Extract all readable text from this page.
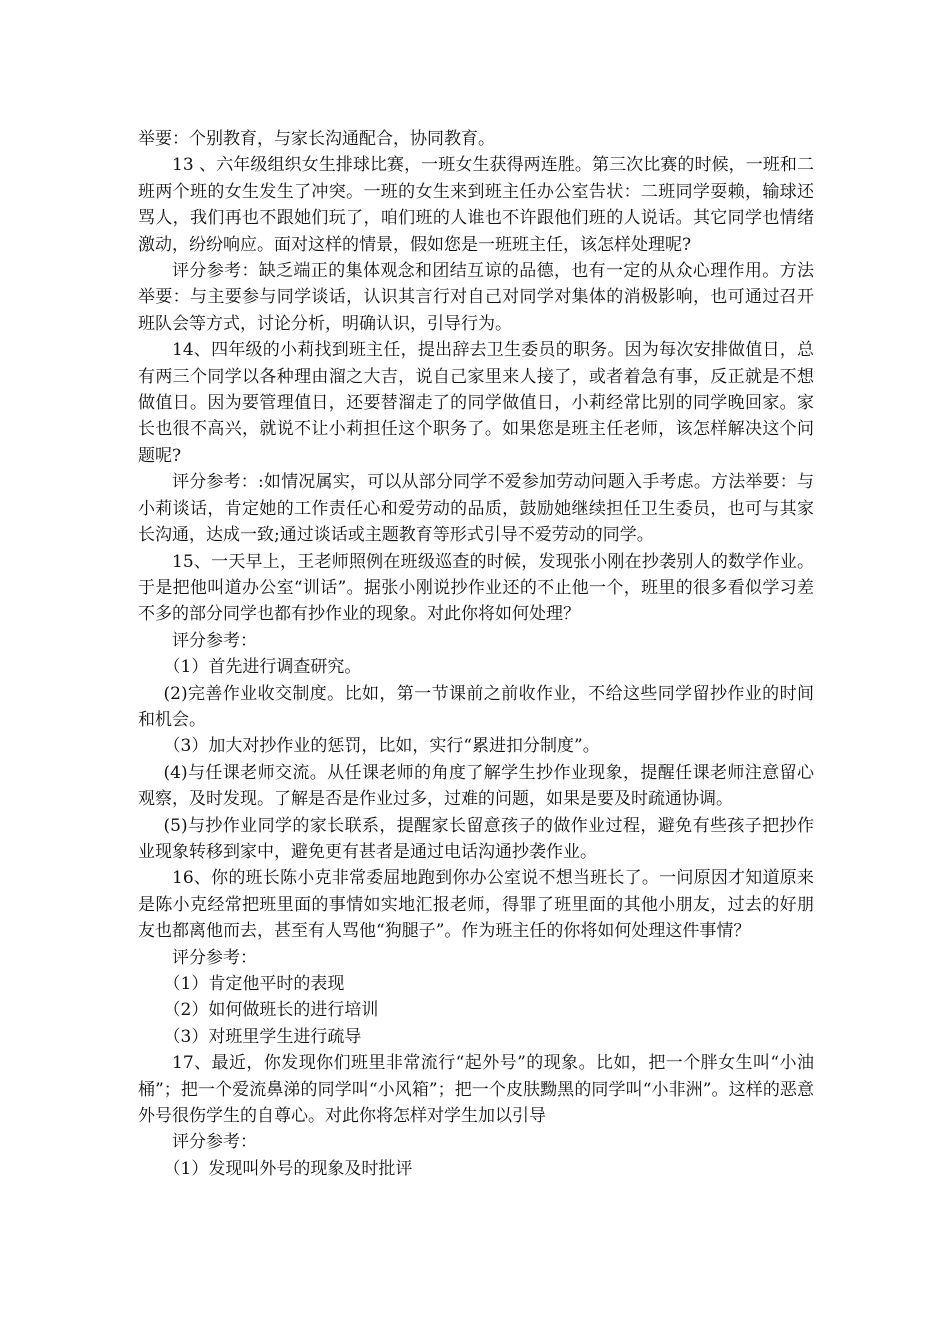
举要：个别教育，与家长沟通配合，协同教育。

13 、六年级组织女生排球比赛，一班女生获得两连胜。第三次比赛的时候，一班和二班两个班的女生发生了冲突。一班的女生来到班主任办公室告状：二班同学耍赖，输球还骂人，我们再也不跟她们玩了，咱们班的人谁也不许跟他们班的人说话。其它同学也情绪激动，纷纷响应。面对这样的情景，假如您是一班班主任，该怎样处理呢?

评分参考：缺乏端正的集体观念和团结互谅的品德，也有一定的从众心理作用。方法举要：与主要参与同学谈话，认识其言行对自己对同学对集体的消极影响，也可通过召开班队会等方式，讨论分析，明确认识，引导行为。

14、四年级的小莉找到班主任，提出辞去卫生委员的职务。因为每次安排做值日，总有两三个同学以各种理由溜之大吉，说自己家里来人接了，或者着急有事，反正就是不想做值日。因为要管理值日，还要替溜走了的同学做值日，小莉经常比别的同学晚回家。家长也很不高兴，就说不让小莉担任这个职务了。如果您是班主任老师，该怎样解决这个问题呢?

评分参考：:如情况属实，可以从部分同学不爱参加劳动问题入手考虑。方法举要：与小莉谈话，肯定她的工作责任心和爱劳动的品质，鼓励她继续担任卫生委员，也可与其家长沟通，达成一致;通过谈话或主题教育等形式引导不爱劳动的同学。

15、一天早上，王老师照例在班级巡查的时候，发现张小刚在抄袭别人的数学作业。于是把他叫道办公室“训话”。据张小刚说抄作业还的不止他一个，班里的很多看似学习差不多的部分同学也都有抄作业的现象。对此你将如何处理？

评分参考：

（1）首先进行调查研究。

(2)完善作业收交制度。比如，第一节课前之前收作业，不给这些同学留抄作业的时间和机会。

（3）加大对抄作业的惩罚，比如，实行“累进扣分制度”。

(4)与任课老师交流。从任课老师的角度了解学生抄作业现象，提醒任课老师注意留心观察，及时发现。了解是否是作业过多，过难的问题，如果是要及时疏通协调。

(5)与抄作业同学的家长联系，提醒家长留意孩子的做作业过程，避免有些孩子把抄作业现象转移到家中，避免更有甚者是通过电话沟通抄袭作业。

16、你的班长陈小克非常委屈地跑到你办公室说不想当班长了。一问原因才知道原来是陈小克经常把班里面的事情如实地汇报老师，得罪了班里面的其他小朋友，过去的好朋友也都离他而去，甚至有人骂他“狗腿子”。作为班主任的你将如何处理这件事情？

评分参考：

（1）肯定他平时的表现

（2）如何做班长的进行培训

（3）对班里学生进行疏导

17、最近，你发现你们班里非常流行“起外号”的现象。比如，把一个胖女生叫“小油桶”；把一个爱流鼻涕的同学叫“小风箱”；把一个皮肤黝黑的同学叫“小非洲”。这样的恶意外号很伤学生的自尊心。对此你将怎样对学生加以引导

评分参考：

（1）发现叫外号的现象及时批评
